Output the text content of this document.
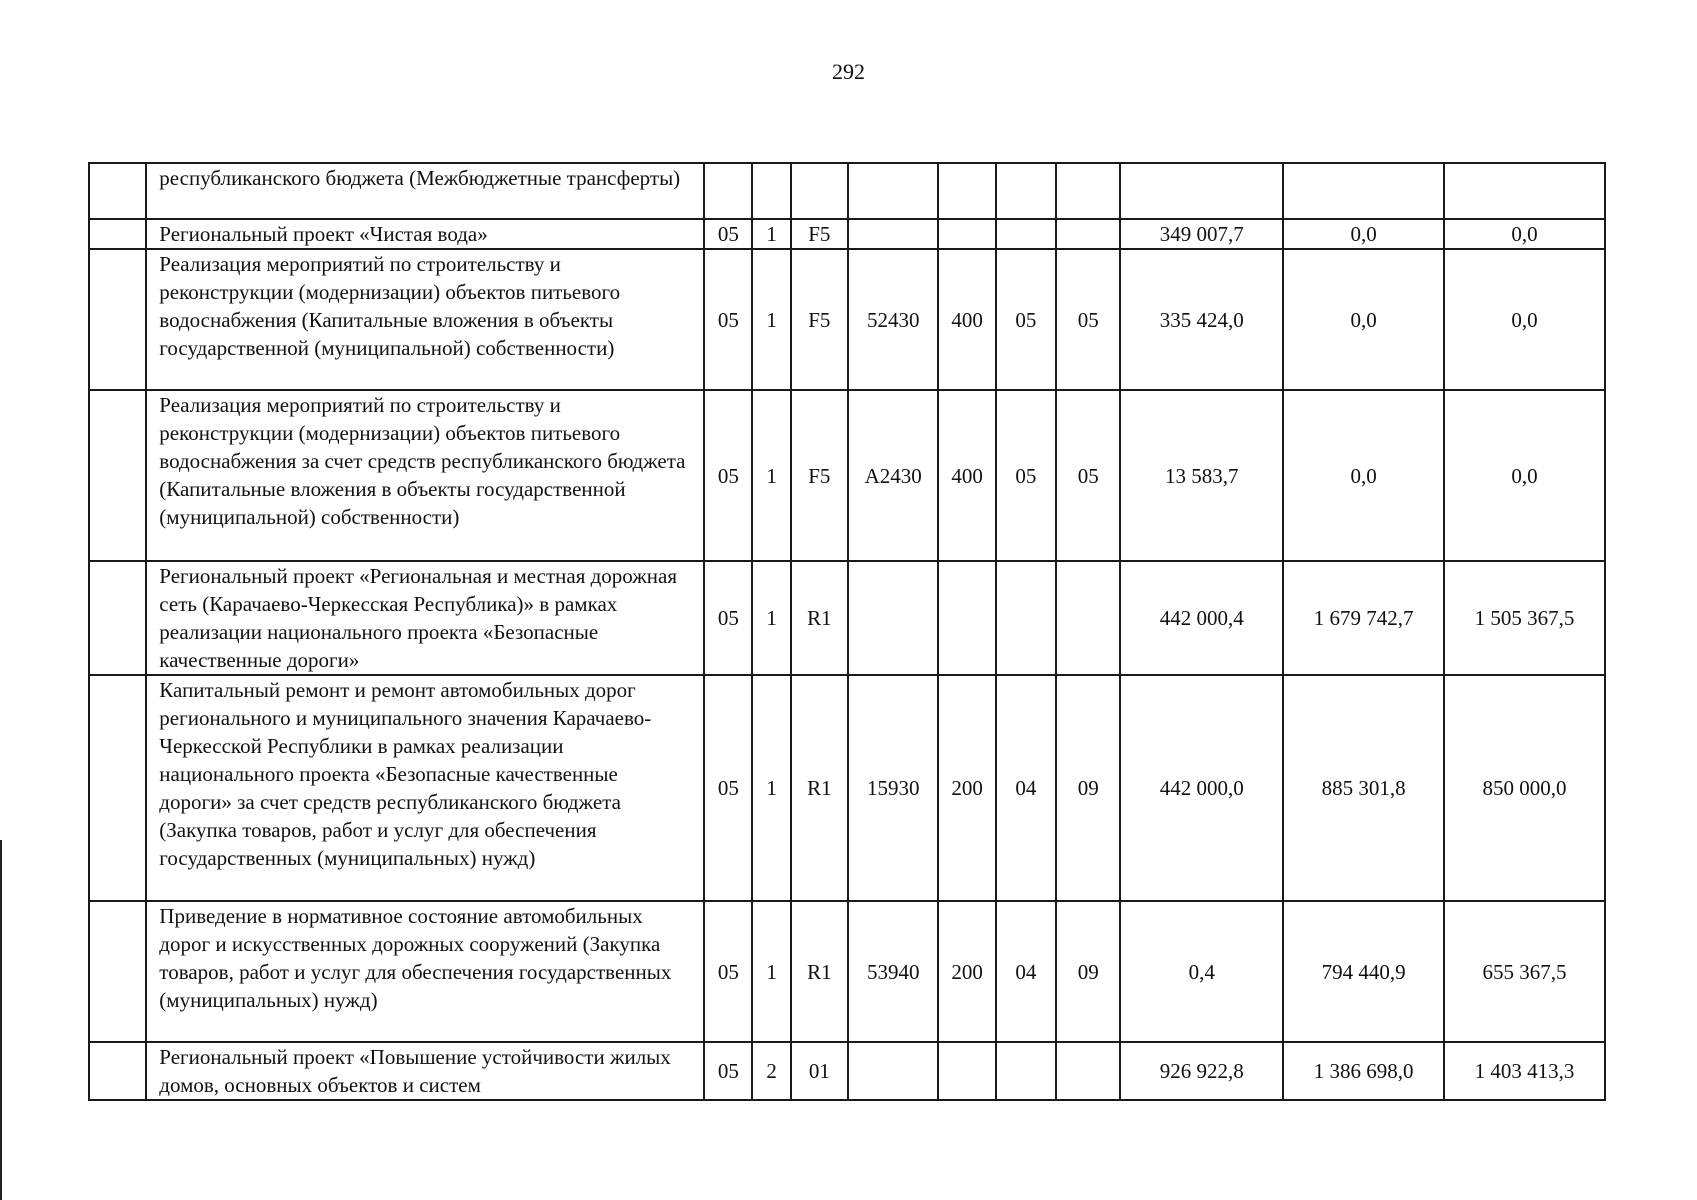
292
	республиканского бюджета (Межбюджетные трансферты)										
	Региональный проект «Чистая вода»	05	1	F5					349 007,7	0,0	0,0
	Реализация мероприятий по строительству и реконструкции (модернизации) объектов питьевого водоснабжения (Капитальные вложения в объекты государственной (муниципальной) собственности)	05	1	F5	52430	400	05	05	335 424,0	0,0	0,0
	Реализация мероприятий по строительству и реконструкции (модернизации) объектов питьевого водоснабжения за счет средств республиканского бюджета (Капитальные вложения в объекты государственной (муниципальной) собственности)	05	1	F5	A2430	400	05	05	13 583,7	0,0	0,0
	Региональный проект «Региональная и местная дорожная сеть (Карачаево-Черкесская Республика)» в рамках реализации национального проекта «Безопасные качественные дороги»	05	1	R1					442 000,4	1 679 742,7	1 505 367,5
	Капитальный ремонт и ремонт автомобильных дорог регионального и муниципального значения Карачаево-Черкесской Республики в рамках реализации национального проекта «Безопасные качественные дороги» за счет средств республиканского бюджета (Закупка товаров, работ и услуг для обеспечения государственных (муниципальных) нужд)	05	1	R1	15930	200	04	09	442 000,0	885 301,8	850 000,0
	Приведение в нормативное состояние автомобильных дорог и искусственных дорожных сооружений (Закупка товаров, работ и услуг для обеспечения государственных (муниципальных) нужд)	05	1	R1	53940	200	04	09	0,4	794 440,9	655 367,5
	Региональный проект «Повышение устойчивости жилых домов, основных объектов и систем	05	2	01					926 922,8	1 386 698,0	1 403 413,3
